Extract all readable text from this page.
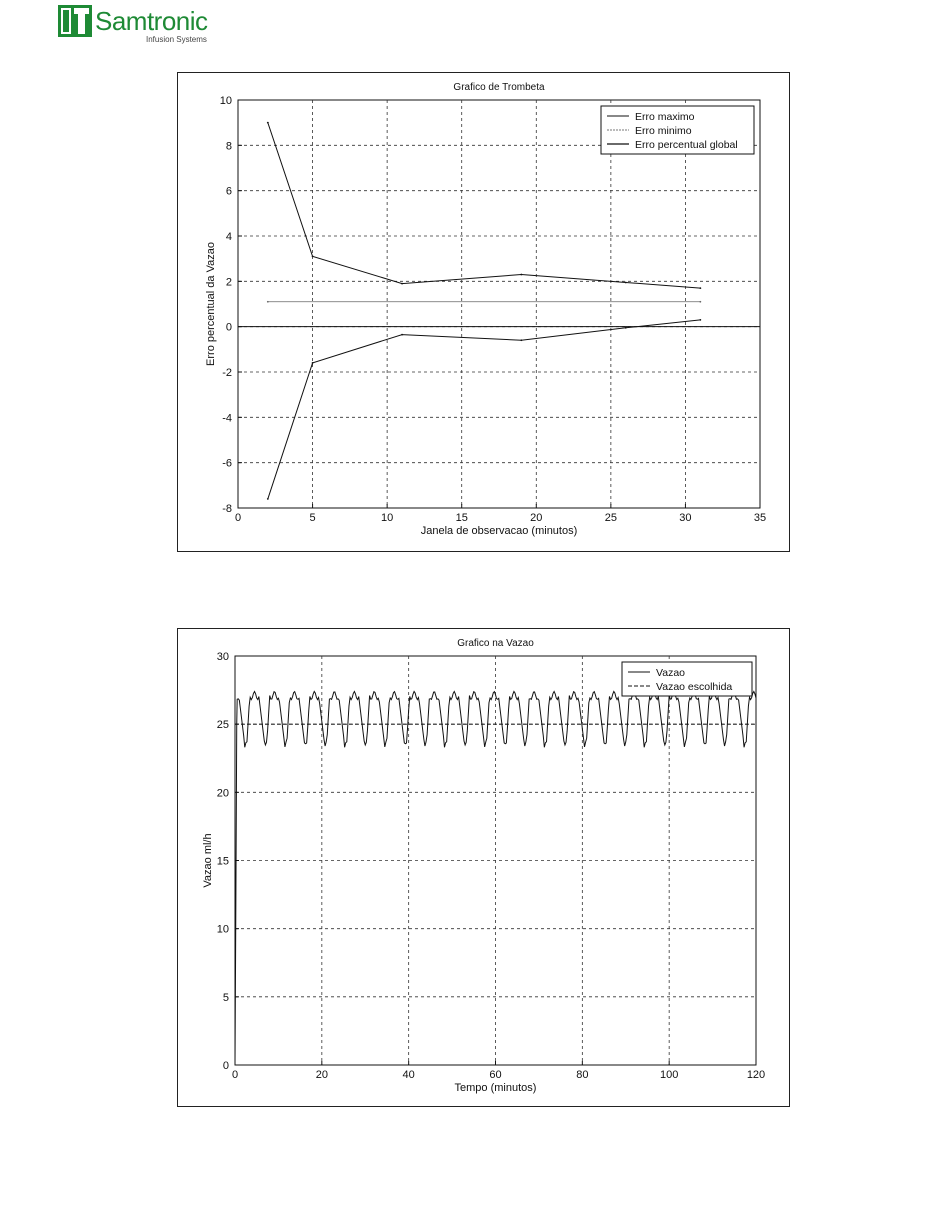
Samtronic
Infusion Systems
Grafico de Trombeta
0	5	10	15	20	25	30	35
-8
-6
-4
-2
0
2
4
6
8
10
Janela de observacao (minutos)
Erro percentual da Vazao
Erro maximo
Erro minimo
Erro percentual global
Grafico na Vazao
0	20	40	60	80	100	120
0
5
10
15
20
25
30
Tempo (minutos)
Vazao ml/h
Vazao
Vazao escolhida
